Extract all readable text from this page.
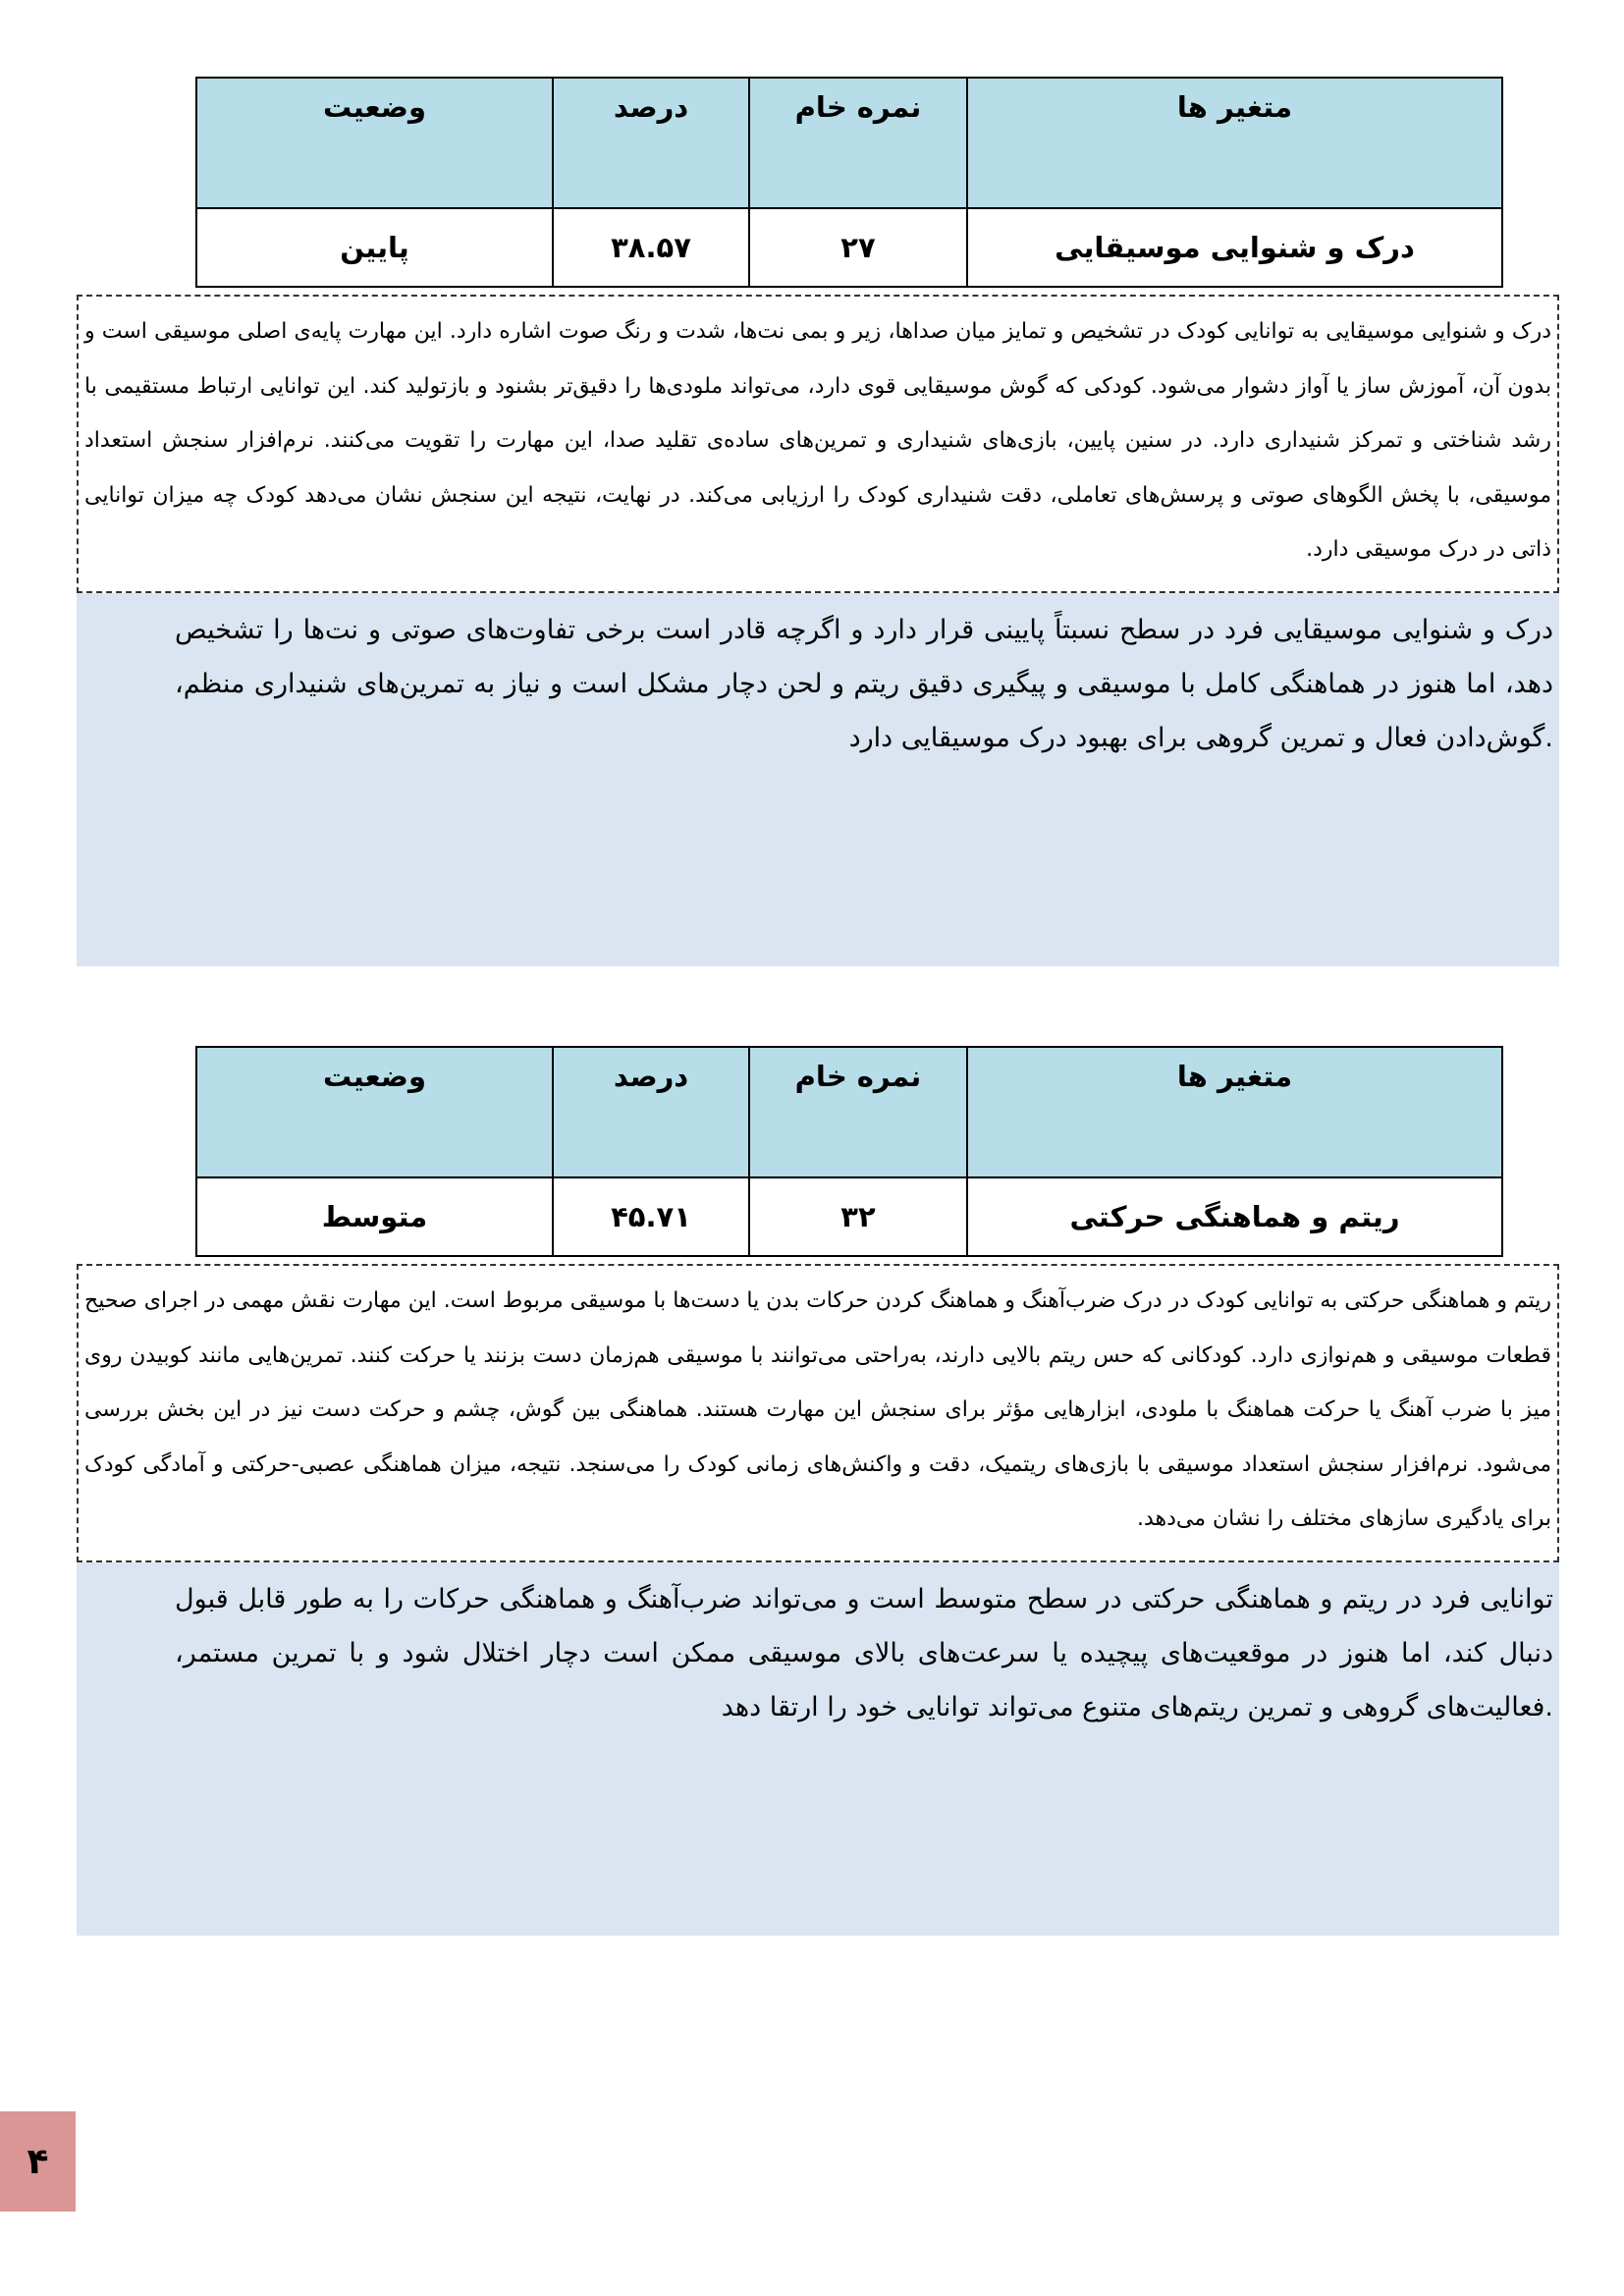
متغیر ها	نمره خام	درصد	وضعیت
درک و شنوایی موسیقایی	۲۷	۳۸.۵۷	پایین
درک و شنوایی موسیقایی به توانایی کودک در تشخیص و تمایز میان صداها، زیر و بمی نت‌ها، شدت و رنگ صوت اشاره دارد. این مهارت پایه‌ی اصلی موسیقی است و بدون آن، آموزش ساز یا آواز دشوار می‌شود. کودکی که گوش موسیقایی قوی دارد، می‌تواند ملودی‌ها را دقیق‌تر بشنود و بازتولید کند. این توانایی ارتباط مستقیمی با رشد شناختی و تمرکز شنیداری دارد. در سنین پایین، بازی‌های شنیداری و تمرین‌های ساده‌ی تقلید صدا، این مهارت را تقویت می‌کنند. نرم‌افزار سنجش استعداد موسیقی، با پخش الگوهای صوتی و پرسش‌های تعاملی، دقت شنیداری کودک را ارزیابی می‌کند. در نهایت، نتیجه این سنجش نشان می‌دهد کودک چه میزان توانایی ذاتی در درک موسیقی دارد.
درک و شنوایی موسیقایی فرد در سطح نسبتاً پایینی قرار دارد و اگرچه قادر است برخی تفاوت‌های صوتی و نت‌ها را تشخیص دهد، اما هنوز در هماهنگی کامل با موسیقی و پیگیری دقیق ریتم و لحن دچار مشکل است و نیاز به تمرین‌های شنیداری منظم، .گوش‌دادن فعال و تمرین گروهی برای بهبود درک موسیقایی دارد
متغیر ها	نمره خام	درصد	وضعیت
ریتم و هماهنگی حرکتی	۳۲	۴۵.۷۱	متوسط
ریتم و هماهنگی حرکتی به توانایی کودک در درک ضرب‌آهنگ و هماهنگ کردن حرکات بدن یا دست‌ها با موسیقی مربوط است. این مهارت نقش مهمی در اجرای صحیح قطعات موسیقی و هم‌نوازی دارد. کودکانی که حس ریتم بالایی دارند، به‌راحتی می‌توانند با موسیقی هم‌زمان دست بزنند یا حرکت کنند. تمرین‌هایی مانند کوبیدن روی میز با ضرب آهنگ یا حرکت هماهنگ با ملودی، ابزارهایی مؤثر برای سنجش این مهارت هستند. هماهنگی بین گوش، چشم و حرکت دست نیز در این بخش بررسی می‌شود. نرم‌افزار سنجش استعداد موسیقی با بازی‌های ریتمیک، دقت و واکنش‌های زمانی کودک را می‌سنجد. نتیجه، میزان هماهنگی عصبی-حرکتی و آمادگی کودک برای یادگیری سازهای مختلف را نشان می‌دهد.
توانایی فرد در ریتم و هماهنگی حرکتی در سطح متوسط است و می‌تواند ضرب‌آهنگ و هماهنگی حرکات را به طور قابل قبول دنبال کند، اما هنوز در موقعیت‌های پیچیده یا سرعت‌های بالای موسیقی ممکن است دچار اختلال شود و با تمرین مستمر، .فعالیت‌های گروهی و تمرین ریتم‌های متنوع می‌تواند توانایی خود را ارتقا دهد
۴
